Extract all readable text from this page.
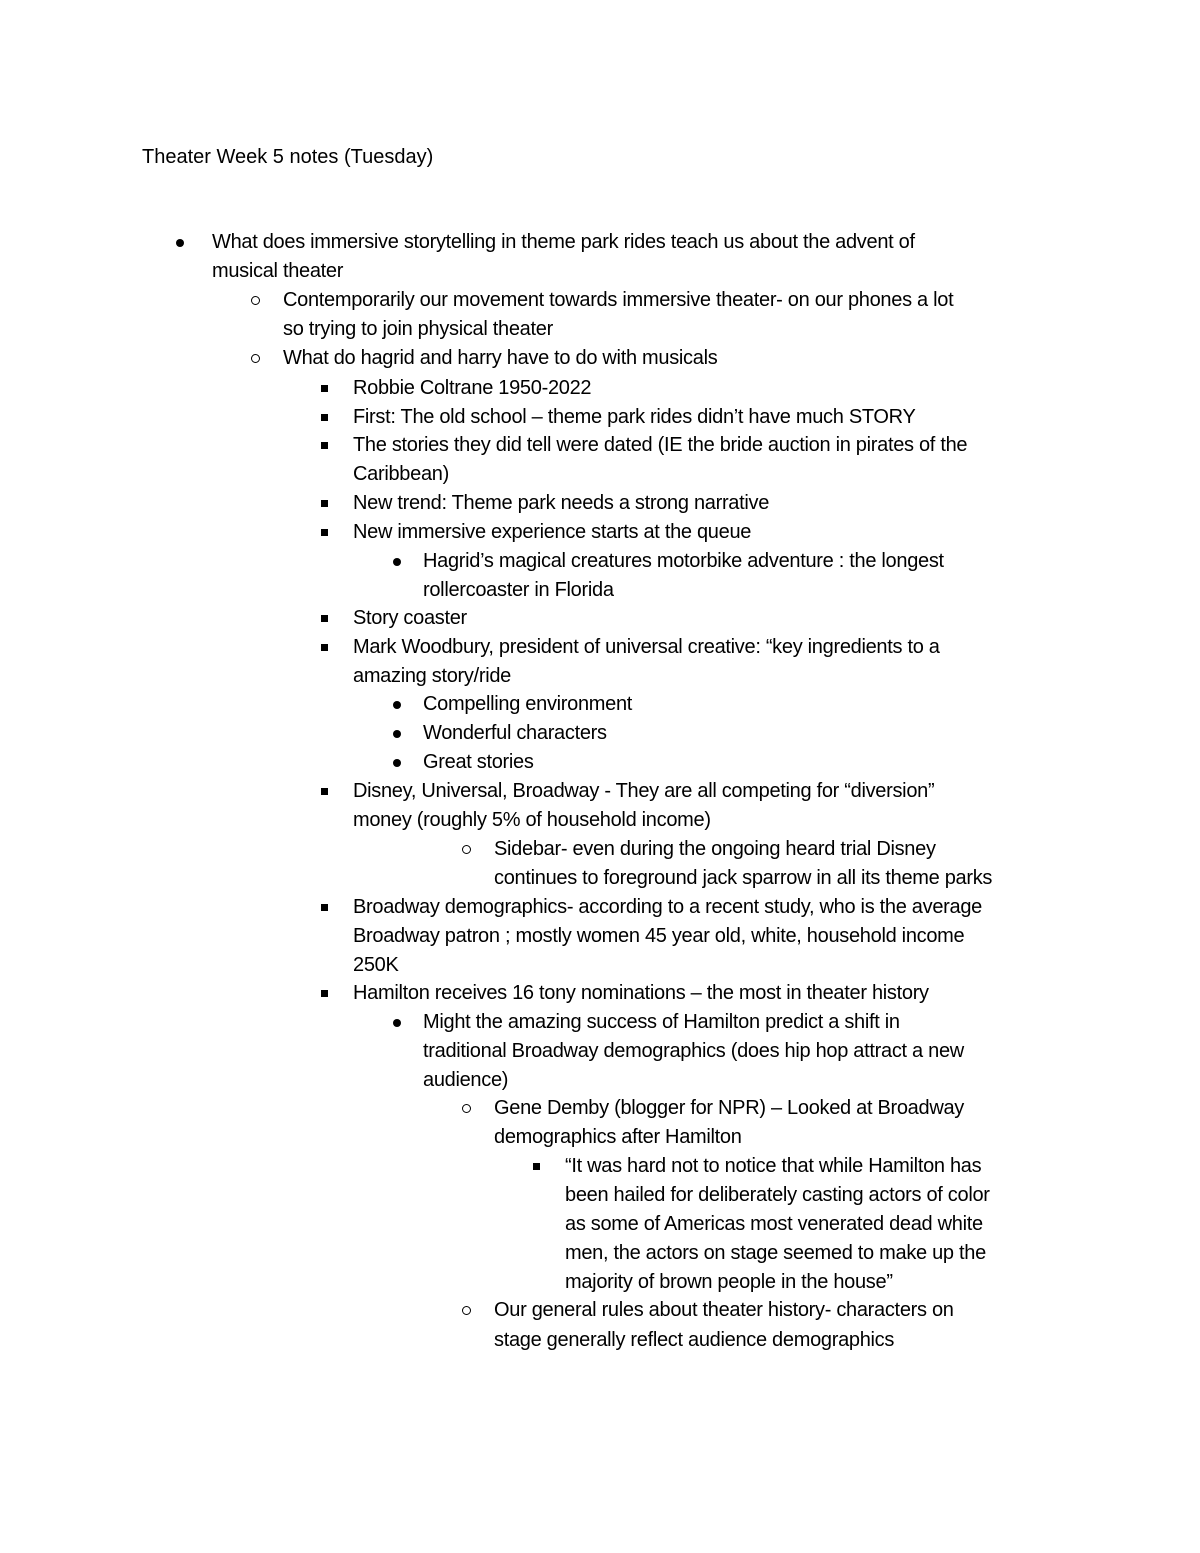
Theater Week 5 notes (Tuesday)
What does immersive storytelling in theme park rides teach us about the advent of
musical theater
Contemporarily our movement towards immersive theater- on our phones a lot
so trying to join physical theater
What do hagrid and harry have to do with musicals
Robbie Coltrane 1950-2022
First: The old school – theme park rides didn’t have much STORY
The stories they did tell were dated (IE the bride auction in pirates of the
Caribbean)
New trend: Theme park needs a strong narrative
New immersive experience starts at the queue
Hagrid’s magical creatures motorbike adventure : the longest
rollercoaster in Florida
Story coaster
Mark Woodbury, president of universal creative: “key ingredients to a
amazing story/ride
Compelling environment
Wonderful characters
Great stories
Disney, Universal, Broadway - They are all competing for “diversion”
money (roughly 5% of household income)
Sidebar- even during the ongoing heard trial Disney
continues to foreground jack sparrow in all its theme parks
Broadway demographics- according to a recent study, who is the average
Broadway patron ; mostly women 45 year old, white, household income
250K
Hamilton receives 16 tony nominations – the most in theater history
Might the amazing success of Hamilton predict a shift in
traditional Broadway demographics (does hip hop attract a new
audience)
Gene Demby (blogger for NPR) – Looked at Broadway
demographics after Hamilton
“It was hard not to notice that while Hamilton has
been hailed for deliberately casting actors of color
as some of Americas most venerated dead white
men, the actors on stage seemed to make up the
majority of brown people in the house”
Our general rules about theater history- characters on
stage generally reflect audience demographics
